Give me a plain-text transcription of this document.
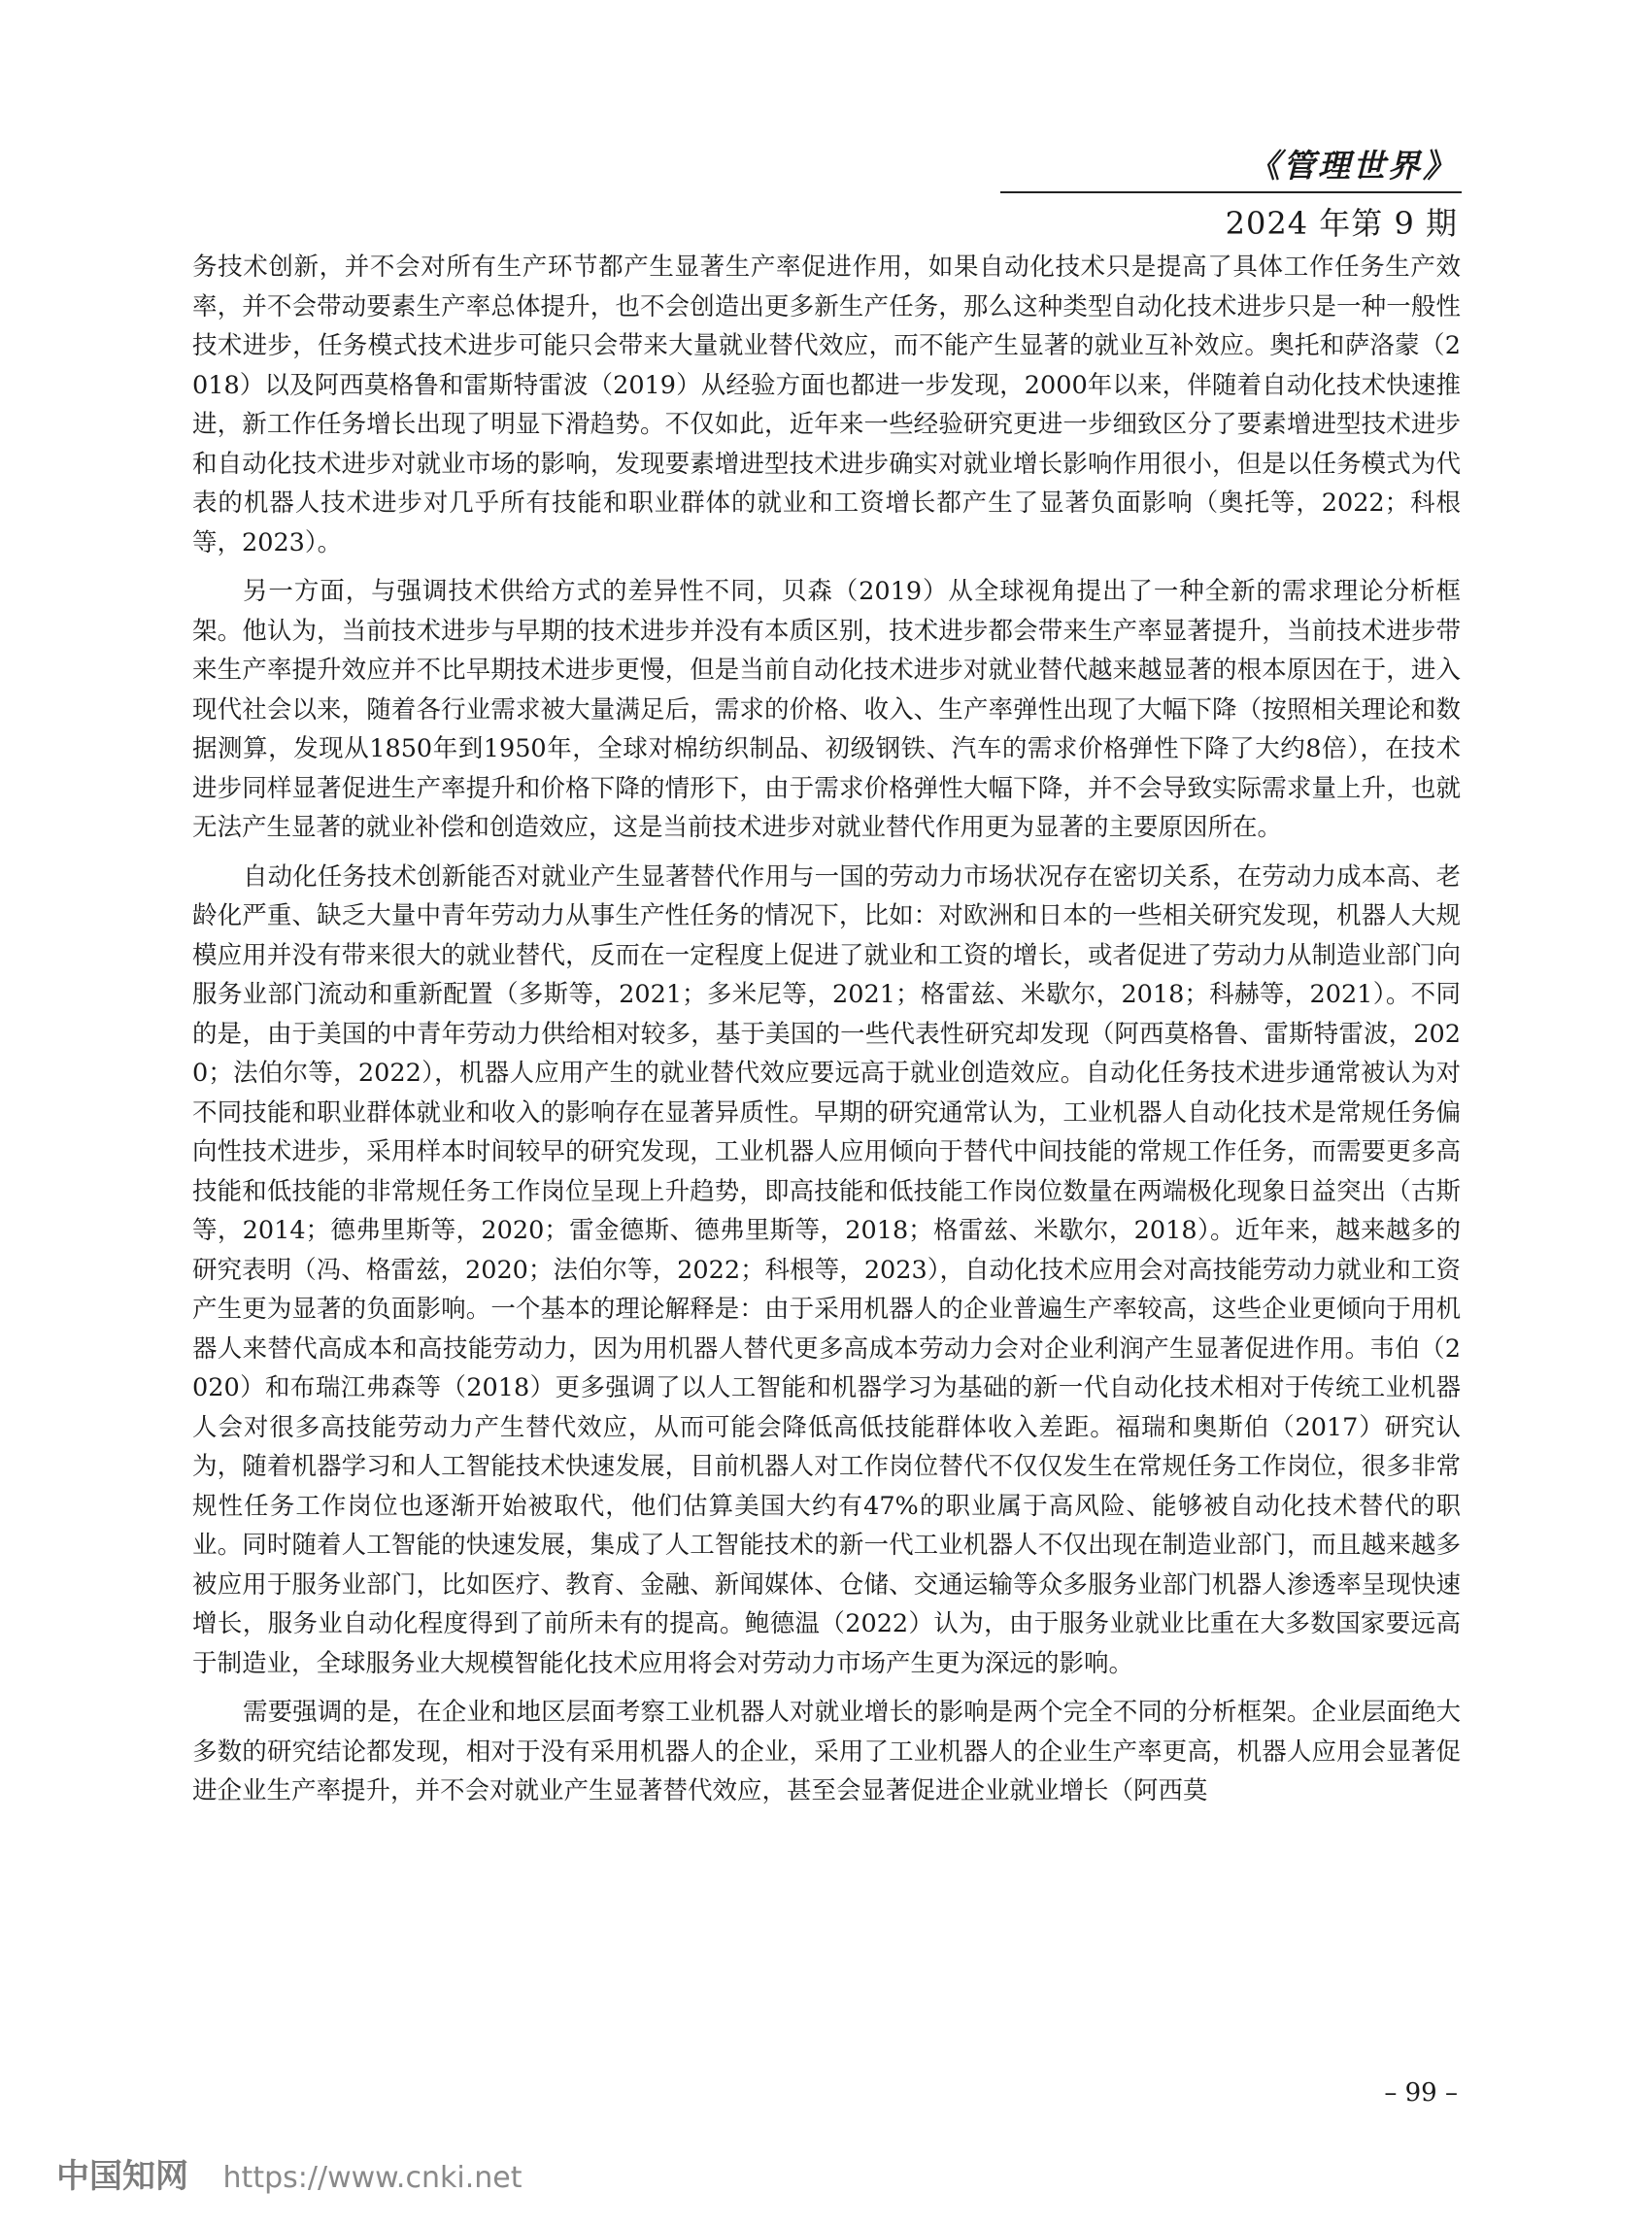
《管理世界》
2024 年第 9 期

务技术创新，并不会对所有生产环节都产生显著生产率促进作用，如果自动化技术只是提高了具体工作任务生产效率，并不会带动要素生产率总体提升，也不会创造出更多新生产任务，那么这种类型自动化技术进步只是一种一般性技术进步，任务模式技术进步可能只会带来大量就业替代效应，而不能产生显著的就业互补效应。奥托和萨洛蒙（2018）以及阿西莫格鲁和雷斯特雷波（2019）从经验方面也都进一步发现，2000年以来，伴随着自动化技术快速推进，新工作任务增长出现了明显下滑趋势。不仅如此，近年来一些经验研究更进一步细致区分了要素增进型技术进步和自动化技术进步对就业市场的影响，发现要素增进型技术进步确实对就业增长影响作用很小，但是以任务模式为代表的机器人技术进步对几乎所有技能和职业群体的就业和工资增长都产生了显著负面影响（奥托等，2022；科根等，2023）。

另一方面，与强调技术供给方式的差异性不同，贝森（2019）从全球视角提出了一种全新的需求理论分析框架。他认为，当前技术进步与早期的技术进步并没有本质区别，技术进步都会带来生产率显著提升，当前技术进步带来生产率提升效应并不比早期技术进步更慢，但是当前自动化技术进步对就业替代越来越显著的根本原因在于，进入现代社会以来，随着各行业需求被大量满足后，需求的价格、收入、生产率弹性出现了大幅下降（按照相关理论和数据测算，发现从1850年到1950年，全球对棉纺织制品、初级钢铁、汽车的需求价格弹性下降了大约8倍），在技术进步同样显著促进生产率提升和价格下降的情形下，由于需求价格弹性大幅下降，并不会导致实际需求量上升，也就无法产生显著的就业补偿和创造效应，这是当前技术进步对就业替代作用更为显著的主要原因所在。

自动化任务技术创新能否对就业产生显著替代作用与一国的劳动力市场状况存在密切关系，在劳动力成本高、老龄化严重、缺乏大量中青年劳动力从事生产性任务的情况下，比如：对欧洲和日本的一些相关研究发现，机器人大规模应用并没有带来很大的就业替代，反而在一定程度上促进了就业和工资的增长，或者促进了劳动力从制造业部门向服务业部门流动和重新配置（多斯等，2021；多米尼等，2021；格雷兹、米歇尔，2018；科赫等，2021）。不同的是，由于美国的中青年劳动力供给相对较多，基于美国的一些代表性研究却发现（阿西莫格鲁、雷斯特雷波，2020；法伯尔等，2022），机器人应用产生的就业替代效应要远高于就业创造效应。自动化任务技术进步通常被认为对不同技能和职业群体就业和收入的影响存在显著异质性。早期的研究通常认为，工业机器人自动化技术是常规任务偏向性技术进步，采用样本时间较早的研究发现，工业机器人应用倾向于替代中间技能的常规工作任务，而需要更多高技能和低技能的非常规任务工作岗位呈现上升趋势，即高技能和低技能工作岗位数量在两端极化现象日益突出（古斯等，2014；德弗里斯等，2020；雷金德斯、德弗里斯等，2018；格雷兹、米歇尔，2018）。近年来，越来越多的研究表明（冯、格雷兹，2020；法伯尔等，2022；科根等，2023），自动化技术应用会对高技能劳动力就业和工资产生更为显著的负面影响。一个基本的理论解释是：由于采用机器人的企业普遍生产率较高，这些企业更倾向于用机器人来替代高成本和高技能劳动力，因为用机器人替代更多高成本劳动力会对企业利润产生显著促进作用。韦伯（2020）和布瑞江弗森等（2018）更多强调了以人工智能和机器学习为基础的新一代自动化技术相对于传统工业机器人会对很多高技能劳动力产生替代效应，从而可能会降低高低技能群体收入差距。福瑞和奥斯伯（2017）研究认为，随着机器学习和人工智能技术快速发展，目前机器人对工作岗位替代不仅仅发生在常规任务工作岗位，很多非常规性任务工作岗位也逐渐开始被取代，他们估算美国大约有47%的职业属于高风险、能够被自动化技术替代的职业。同时随着人工智能的快速发展，集成了人工智能技术的新一代工业机器人不仅出现在制造业部门，而且越来越多被应用于服务业部门，比如医疗、教育、金融、新闻媒体、仓储、交通运输等众多服务业部门机器人渗透率呈现快速增长，服务业自动化程度得到了前所未有的提高。鲍德温（2022）认为，由于服务业就业比重在大多数国家要远高于制造业，全球服务业大规模智能化技术应用将会对劳动力市场产生更为深远的影响。

需要强调的是，在企业和地区层面考察工业机器人对就业增长的影响是两个完全不同的分析框架。企业层面绝大多数的研究结论都发现，相对于没有采用机器人的企业，采用了工业机器人的企业生产率更高，机器人应用会显著促进企业生产率提升，并不会对就业产生显著替代效应，甚至会显著促进企业就业增长（阿西莫

– 99 –
中国知网 https://www.cnki.net
